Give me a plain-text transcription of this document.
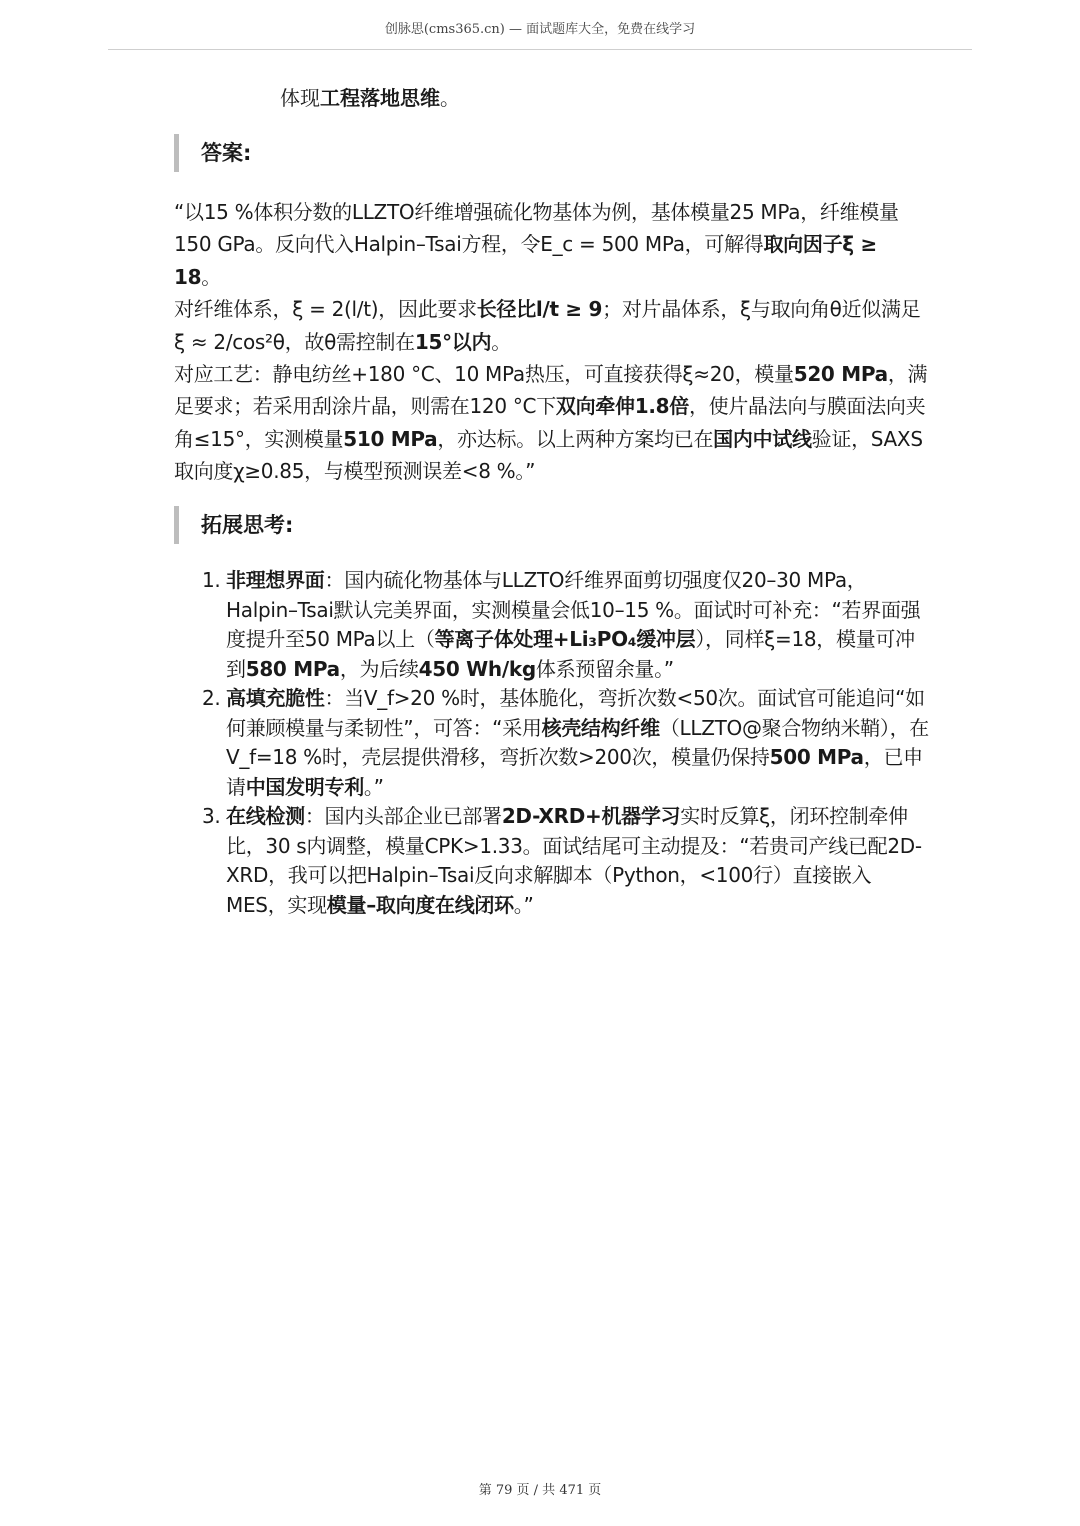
创脉思(cms365.cn) — 面试题库大全，免费在线学习
体现工程落地思维。
答案:

“以15 %体积分数的LLZTO纤维增强硫化物基体为例，基体模量25 MPa，纤维模量150 GPa。反向代入Halpin–Tsai方程，令E_c = 500 MPa，可解得取向因子ξ ≥ 18。

对纤维体系，ξ = 2(l/t)，因此要求长径比l/t ≥ 9；对片晶体系，ξ与取向角θ近似满足ξ ≈ 2/cos²θ，故θ需控制在15°以内。

对应工艺：静电纺丝+180 °C、10 MPa热压，可直接获得ξ≈20，模量520 MPa，满足要求；若采用刮涂片晶，则需在120 °C下双向牵伸1.8倍，使片晶法向与膜面法向夹角≤15°，实测模量510 MPa，亦达标。以上两种方案均已在国内中试线验证，SAXS取向度χ≥0.85，与模型预测误差<8 %。”

拓展思考:

1. 非理想界面：国内硫化物基体与LLZTO纤维界面剪切强度仅20–30 MPa，Halpin–Tsai默认完美界面，实测模量会低10–15 %。面试时可补充：“若界面强度提升至50 MPa以上（等离子体处理+Li₃PO₄缓冲层），同样ξ=18，模量可冲到580 MPa，为后续450 Wh/kg体系预留余量。”

2. 高填充脆性：当V_f>20 %时，基体脆化，弯折次数<50次。面试官可能追问“如何兼顾模量与柔韧性”，可答：“采用核壳结构纤维（LLZTO@聚合物纳米鞘），在V_f=18 %时，壳层提供滑移，弯折次数>200次，模量仍保持500 MPa，已申请中国发明专利。”

3. 在线检测：国内头部企业已部署2D-XRD+机器学习实时反算ξ，闭环控制牵伸比，30 s内调整，模量CPK>1.33。面试结尾可主动提及：“若贵司产线已配2D-XRD，我可以把Halpin–Tsai反向求解脚本（Python，<100行）直接嵌入MES，实现模量–取向度在线闭环。”

第 79 页 / 共 471 页
